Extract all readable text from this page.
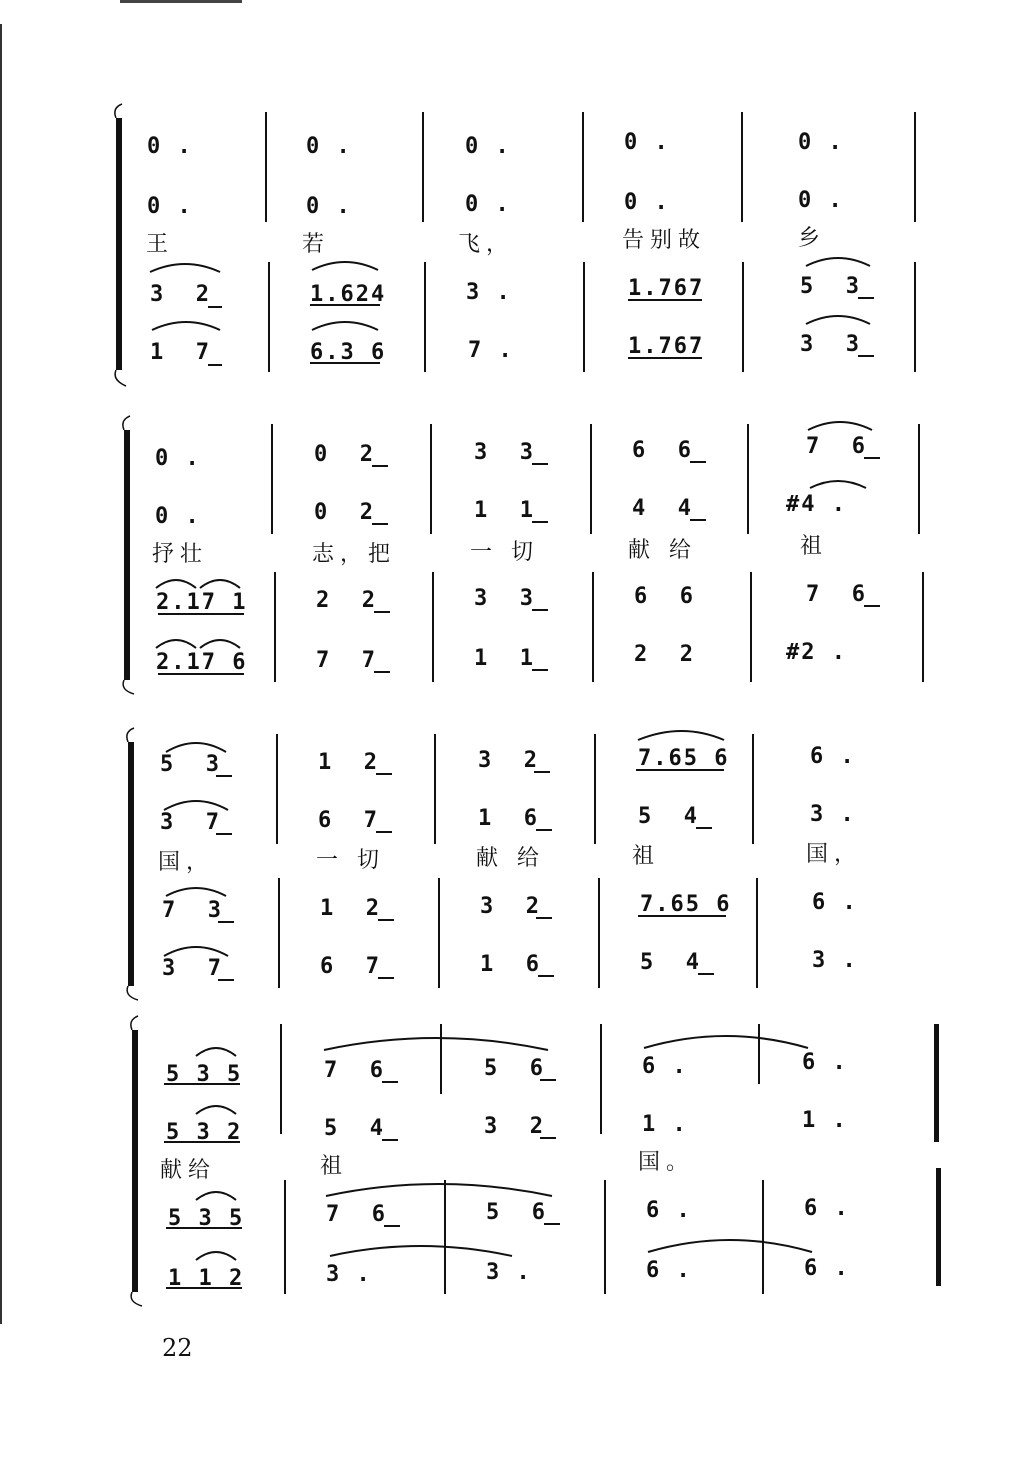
0 .	0 .	0 .	0 .	0 .
0 .	0 .	0 .	0 .	0 .
王	若	飞，	告别故	乡
3  2	1.624	3 .	1.767	5  3
1  7	6.3 6	7 .	1.767	3  3
0 .	0  2	3  3	6  6	7  6
0 .	0  2	1  1	4  4	#4 .
抒壮	志，把	一 切	献 给	祖
2.17 1	2  2	3  3	6  6	7  6
2.17 6	7  7	1  1	2  2	#2 .
5  3	1  2	3  2	7.65 6	6 .
3  7	6  7	1  6	5  4	3 .
国，	一 切	献 给	祖	国，
7  3	1  2	3  2	7.65 6	6 .
3  7	6  7	1  6	5  4	3 .
5 3 5	7  6	5  6	6 .	6 .
5 3 2	5  4	3  2	1 .	1 .
献给	祖	国。
5 3 5	7  6	5  6	6 .	6 .
1 1 2	3 .	3 .	6 .	6 .
22
